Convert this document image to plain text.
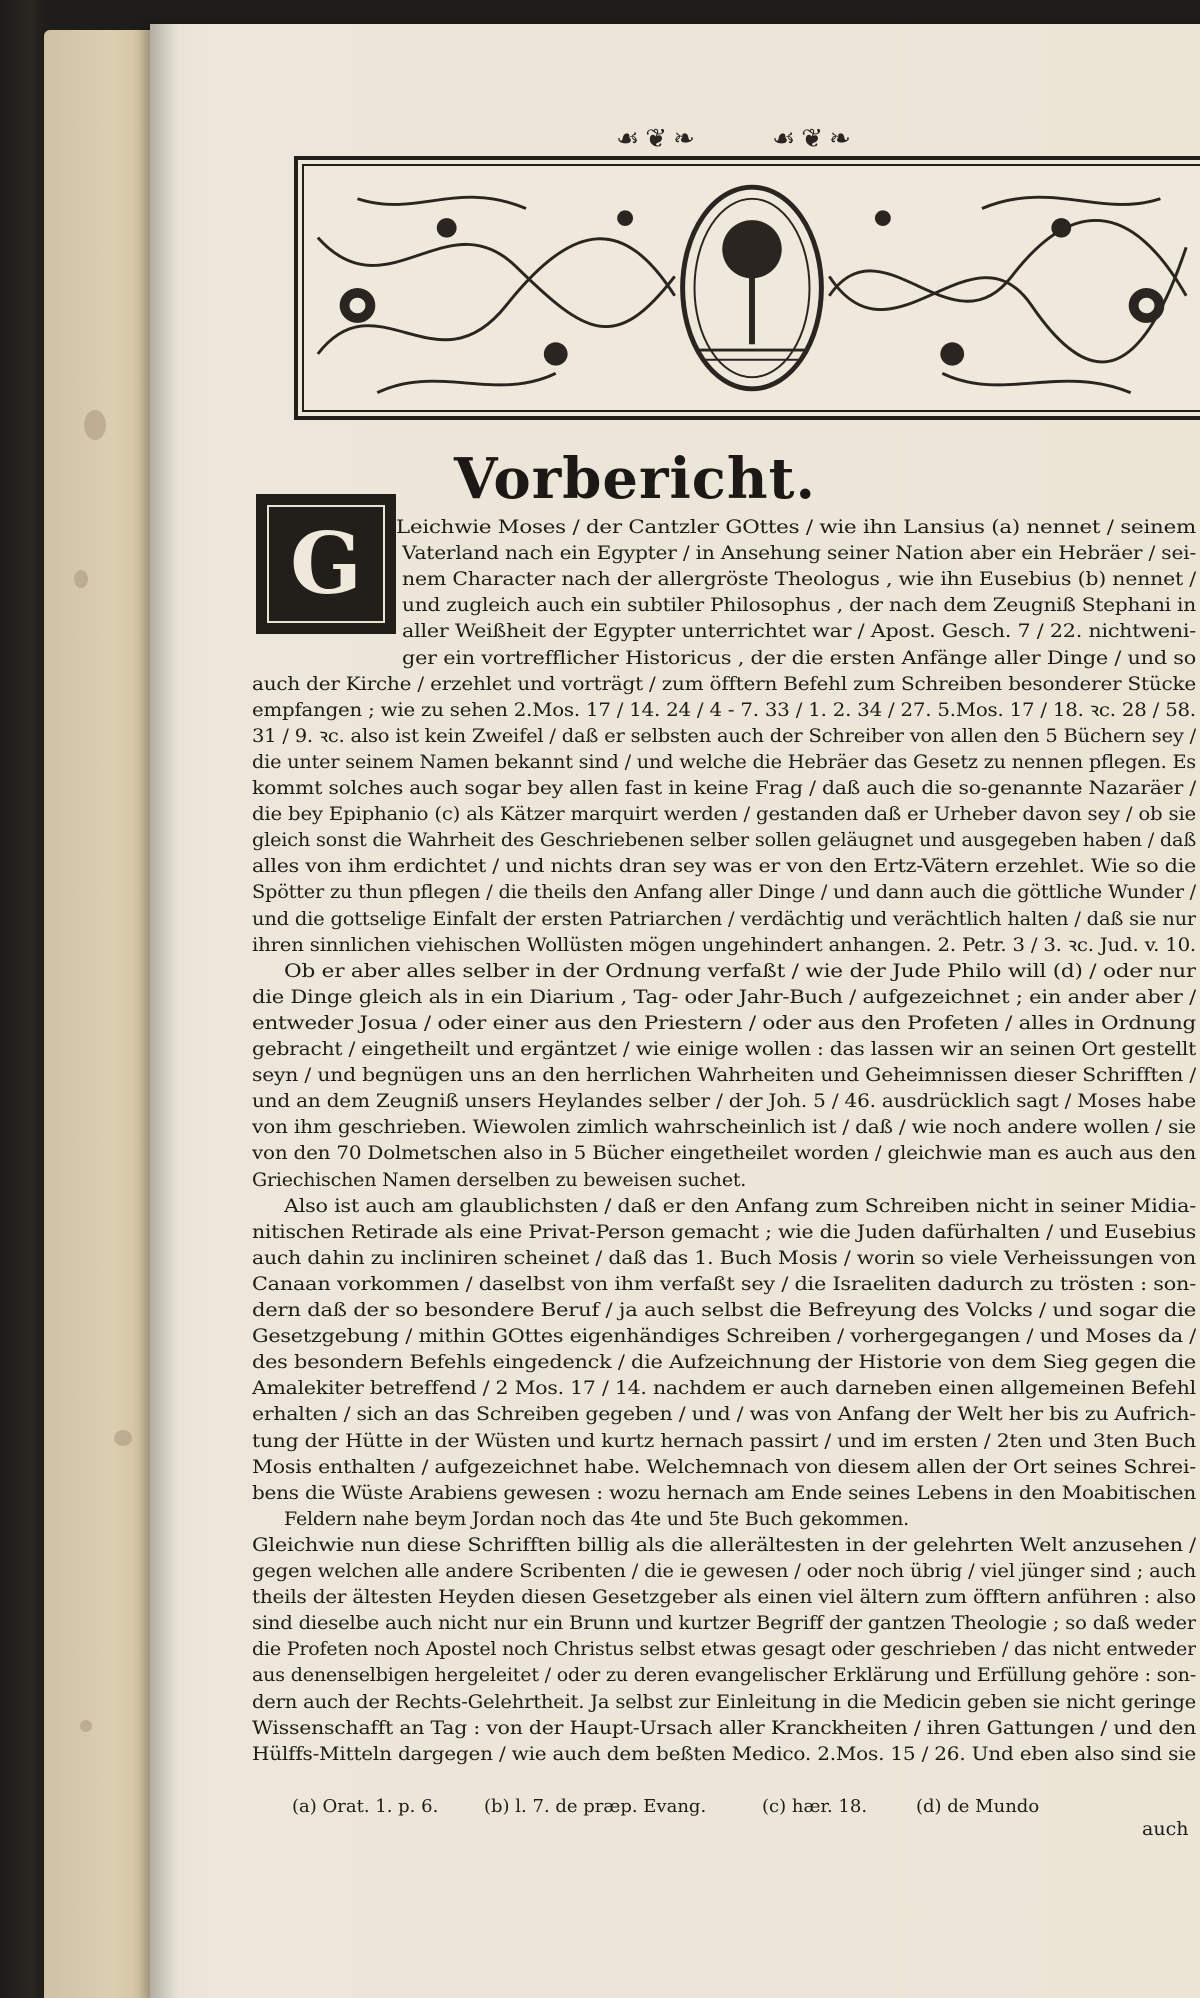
☙❦❧	☙❦❧
Vorbericht.
G Leichwie Moses / der Cantzler GOttes / wie ihn Lansius (a) nennet / seinem
Vaterland nach ein Egypter / in Ansehung seiner Nation aber ein Hebräer / sei-
nem Character nach der allergröste Theologus , wie ihn Eusebius (b) nennet /
und zugleich auch ein subtiler Philosophus , der nach dem Zeugniß Stephani in
aller Weißheit der Egypter unterrichtet war / Apost. Gesch. 7 / 22. nichtweni-
ger ein vortrefflicher Historicus , der die ersten Anfänge aller Dinge / und so
auch der Kirche / erzehlet und vorträgt / zum öfftern Befehl zum Schreiben besonderer Stücke
empfangen ; wie zu sehen 2.Mos. 17 / 14. 24 / 4 - 7. 33 / 1. 2. 34 / 27. 5.Mos. 17 / 18. ꝛc. 28 / 58.
31 / 9. ꝛc. also ist kein Zweifel / daß er selbsten auch der Schreiber von allen den 5 Büchern sey /
die unter seinem Namen bekannt sind / und welche die Hebräer das Gesetz zu nennen pflegen. Es
kommt solches auch sogar bey allen fast in keine Frag / daß auch die so-genannte Nazaräer /
die bey Epiphanio (c) als Kätzer marquirt werden / gestanden daß er Urheber davon sey / ob sie
gleich sonst die Wahrheit des Geschriebenen selber sollen geläugnet und ausgegeben haben / daß
alles von ihm erdichtet / und nichts dran sey was er von den Ertz-Vätern erzehlet. Wie so die
Spötter zu thun pflegen / die theils den Anfang aller Dinge / und dann auch die göttliche Wunder /
und die gottselige Einfalt der ersten Patriarchen / verdächtig und verächtlich halten / daß sie nur
ihren sinnlichen viehischen Wollüsten mögen ungehindert anhangen. 2. Petr. 3 / 3. ꝛc. Jud. v. 10.
Ob er aber alles selber in der Ordnung verfaßt / wie der Jude Philo will (d) / oder nur
die Dinge gleich als in ein Diarium , Tag- oder Jahr-Buch / aufgezeichnet ; ein ander aber /
entweder Josua / oder einer aus den Priestern / oder aus den Profeten / alles in Ordnung
gebracht / eingetheilt und ergäntzet / wie einige wollen : das lassen wir an seinen Ort gestellt
seyn / und begnügen uns an den herrlichen Wahrheiten und Geheimnissen dieser Schrifften /
und an dem Zeugniß unsers Heylandes selber / der Joh. 5 / 46. ausdrücklich sagt / Moses habe
von ihm geschrieben. Wiewolen zimlich wahrscheinlich ist / daß / wie noch andere wollen / sie
von den 70 Dolmetschen also in 5 Bücher eingetheilet worden / gleichwie man es auch aus den
Griechischen Namen derselben zu beweisen suchet.
Also ist auch am glaublichsten / daß er den Anfang zum Schreiben nicht in seiner Midia-
nitischen Retirade als eine Privat-Person gemacht ; wie die Juden dafürhalten / und Eusebius
auch dahin zu incliniren scheinet / daß das 1. Buch Mosis / worin so viele Verheissungen von
Canaan vorkommen / daselbst von ihm verfaßt sey / die Israeliten dadurch zu trösten : son-
dern daß der so besondere Beruf / ja auch selbst die Befreyung des Volcks / und sogar die
Gesetzgebung / mithin GOttes eigenhändiges Schreiben / vorhergegangen / und Moses da /
des besondern Befehls eingedenck / die Aufzeichnung der Historie von dem Sieg gegen die
Amalekiter betreffend / 2 Mos. 17 / 14. nachdem er auch darneben einen allgemeinen Befehl
erhalten / sich an das Schreiben gegeben / und / was von Anfang der Welt her bis zu Aufrich-
tung der Hütte in der Wüsten und kurtz hernach passirt / und im ersten / 2ten und 3ten Buch
Mosis enthalten / aufgezeichnet habe. Welchemnach von diesem allen der Ort seines Schrei-
bens die Wüste Arabiens gewesen : wozu hernach am Ende seines Lebens in den Moabitischen
Feldern nahe beym Jordan noch das 4te und 5te Buch gekommen.
Gleichwie nun diese Schrifften billig als die allerältesten in der gelehrten Welt anzusehen /
gegen welchen alle andere Scribenten / die ie gewesen / oder noch übrig / viel jünger sind ; auch
theils der ältesten Heyden diesen Gesetzgeber als einen viel ältern zum öfftern anführen : also
sind dieselbe auch nicht nur ein Brunn und kurtzer Begriff der gantzen Theologie ; so daß weder
die Profeten noch Apostel noch Christus selbst etwas gesagt oder geschrieben / das nicht entweder
aus denenselbigen hergeleitet / oder zu deren evangelischer Erklärung und Erfüllung gehöre : son-
dern auch der Rechts-Gelehrtheit. Ja selbst zur Einleitung in die Medicin geben sie nicht geringe
Wissenschafft an Tag : von der Haupt-Ursach aller Kranckheiten / ihren Gattungen / und den
Hülffs-Mitteln dargegen / wie auch dem beßten Medico. 2.Mos. 15 / 26. Und eben also sind sie
(a) Orat. 1. p. 6.	(b) l. 7. de præp. Evang.	(c) hær. 18.	(d) de Mundo
auch
